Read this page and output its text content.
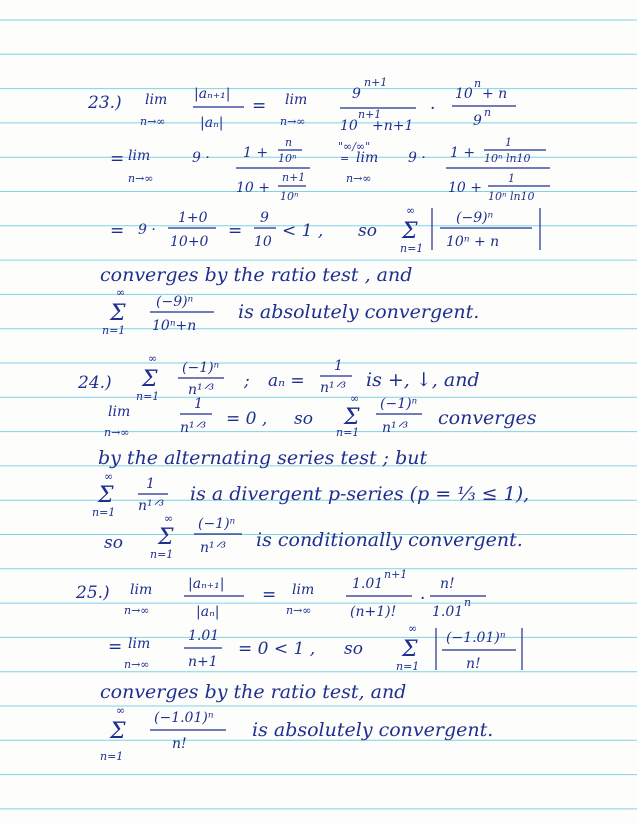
23.) lim
n→∞
|aₙ₊₁|
|aₙ|
= lim
n→∞
9
n+1
10
n+1
+n+1
·
10
n
+ n
9
n
= lim
n→∞
9 · 1 +
n
10ⁿ
10 +
n+1
10ⁿ
"∞/∞"
= lim
n→∞
9 · 1 +
1
10ⁿ ln10
10 +
1
10ⁿ ln10
= 9 ·
1+0
10+0
=
9
10
< 1 , so
∞
Σ
n=1
(−9)ⁿ
10ⁿ + n
converges by the ratio test , and
∞
Σ
n=1
(−9)ⁿ
10ⁿ+n
is absolutely convergent.
24.)
∞
Σ
n=1
(−1)ⁿ
n¹ᐟ³ ; aₙ =
1
n¹ᐟ³ is +, ↓, and
lim
n→∞
1
n¹ᐟ³ = 0 , so
∞
Σ
n=1
(−1)ⁿ
n¹ᐟ³ converges
by the alternating series test ; but
∞
Σ
n=1
1
n¹ᐟ³
is a divergent p-series (p = ⅓ ≤ 1),
so
∞
Σ
n=1
(−1)ⁿ
n¹ᐟ³ is conditionally convergent.
25.) lim
n→∞
|aₙ₊₁|
|aₙ|
= lim
n→∞
1.01
n+1
(n+1)!
·
n!
1.01
n
= lim
n→∞
1.01
n+1
= 0 < 1 , so
∞
Σ
n=1
(−1.01)ⁿ
n!
converges by the ratio test, and
∞
Σ
n=1
(−1.01)ⁿ
n!
is absolutely convergent.
